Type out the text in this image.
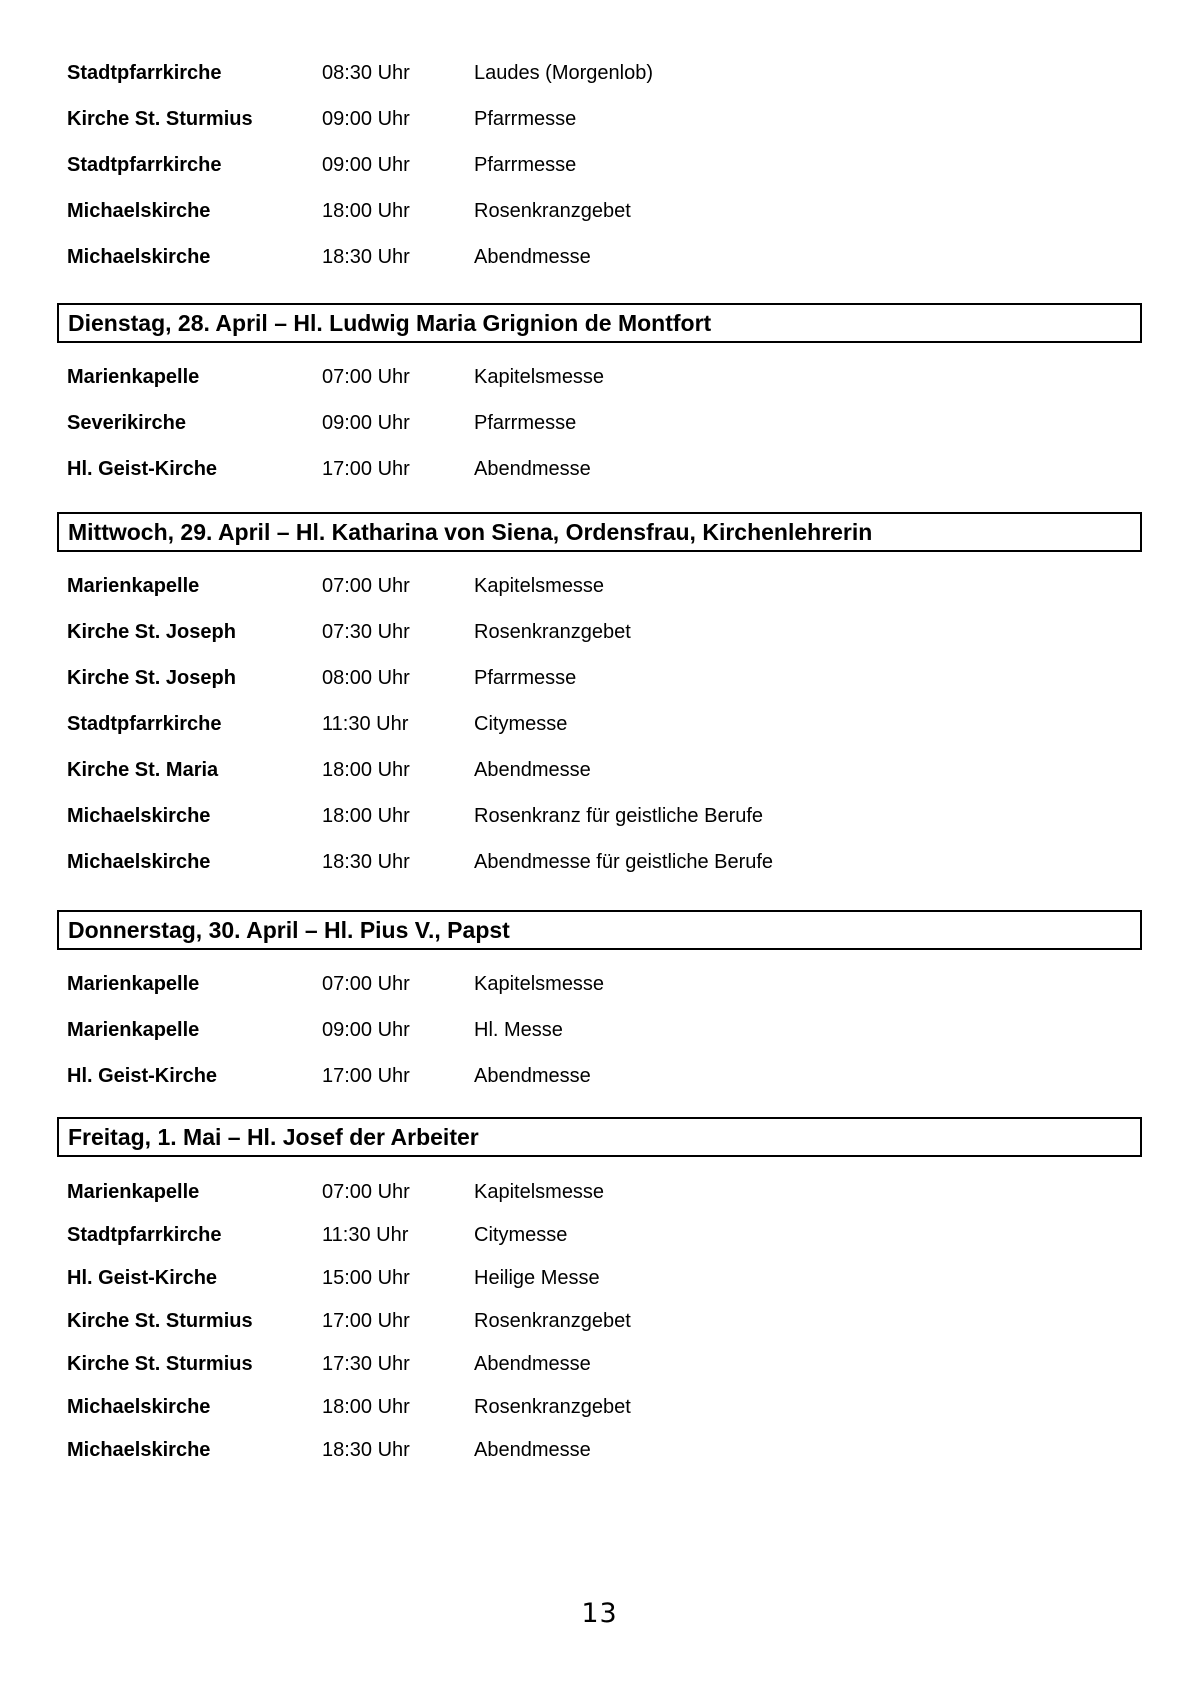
Stadtpfarrkirche	08:30 Uhr	Laudes (Morgenlob)
Kirche St. Sturmius	09:00 Uhr	Pfarrmesse
Stadtpfarrkirche	09:00 Uhr	Pfarrmesse
Michaelskirche	18:00 Uhr	Rosenkranzgebet
Michaelskirche	18:30 Uhr	Abendmesse
Dienstag, 28. April – Hl. Ludwig Maria Grignion de Montfort
Marienkapelle	07:00 Uhr	Kapitelsmesse
Severikirche	09:00 Uhr	Pfarrmesse
Hl. Geist-Kirche	17:00 Uhr	Abendmesse
Mittwoch, 29. April – Hl. Katharina von Siena, Ordensfrau, Kirchenlehrerin
Marienkapelle	07:00 Uhr	Kapitelsmesse
Kirche St. Joseph	07:30 Uhr	Rosenkranzgebet
Kirche St. Joseph	08:00 Uhr	Pfarrmesse
Stadtpfarrkirche	11:30 Uhr	Citymesse
Kirche St. Maria	18:00 Uhr	Abendmesse
Michaelskirche	18:00 Uhr	Rosenkranz für geistliche Berufe
Michaelskirche	18:30 Uhr	Abendmesse für geistliche Berufe
Donnerstag, 30. April – Hl. Pius V., Papst
Marienkapelle	07:00 Uhr	Kapitelsmesse
Marienkapelle	09:00 Uhr	Hl. Messe
Hl. Geist-Kirche	17:00 Uhr	Abendmesse
Freitag, 1. Mai – Hl. Josef der Arbeiter
Marienkapelle	07:00 Uhr	Kapitelsmesse
Stadtpfarrkirche	11:30 Uhr	Citymesse
Hl. Geist-Kirche	15:00 Uhr	Heilige Messe
Kirche St. Sturmius	17:00 Uhr	Rosenkranzgebet
Kirche St. Sturmius	17:30 Uhr	Abendmesse
Michaelskirche	18:00 Uhr	Rosenkranzgebet
Michaelskirche	18:30 Uhr	Abendmesse
13
